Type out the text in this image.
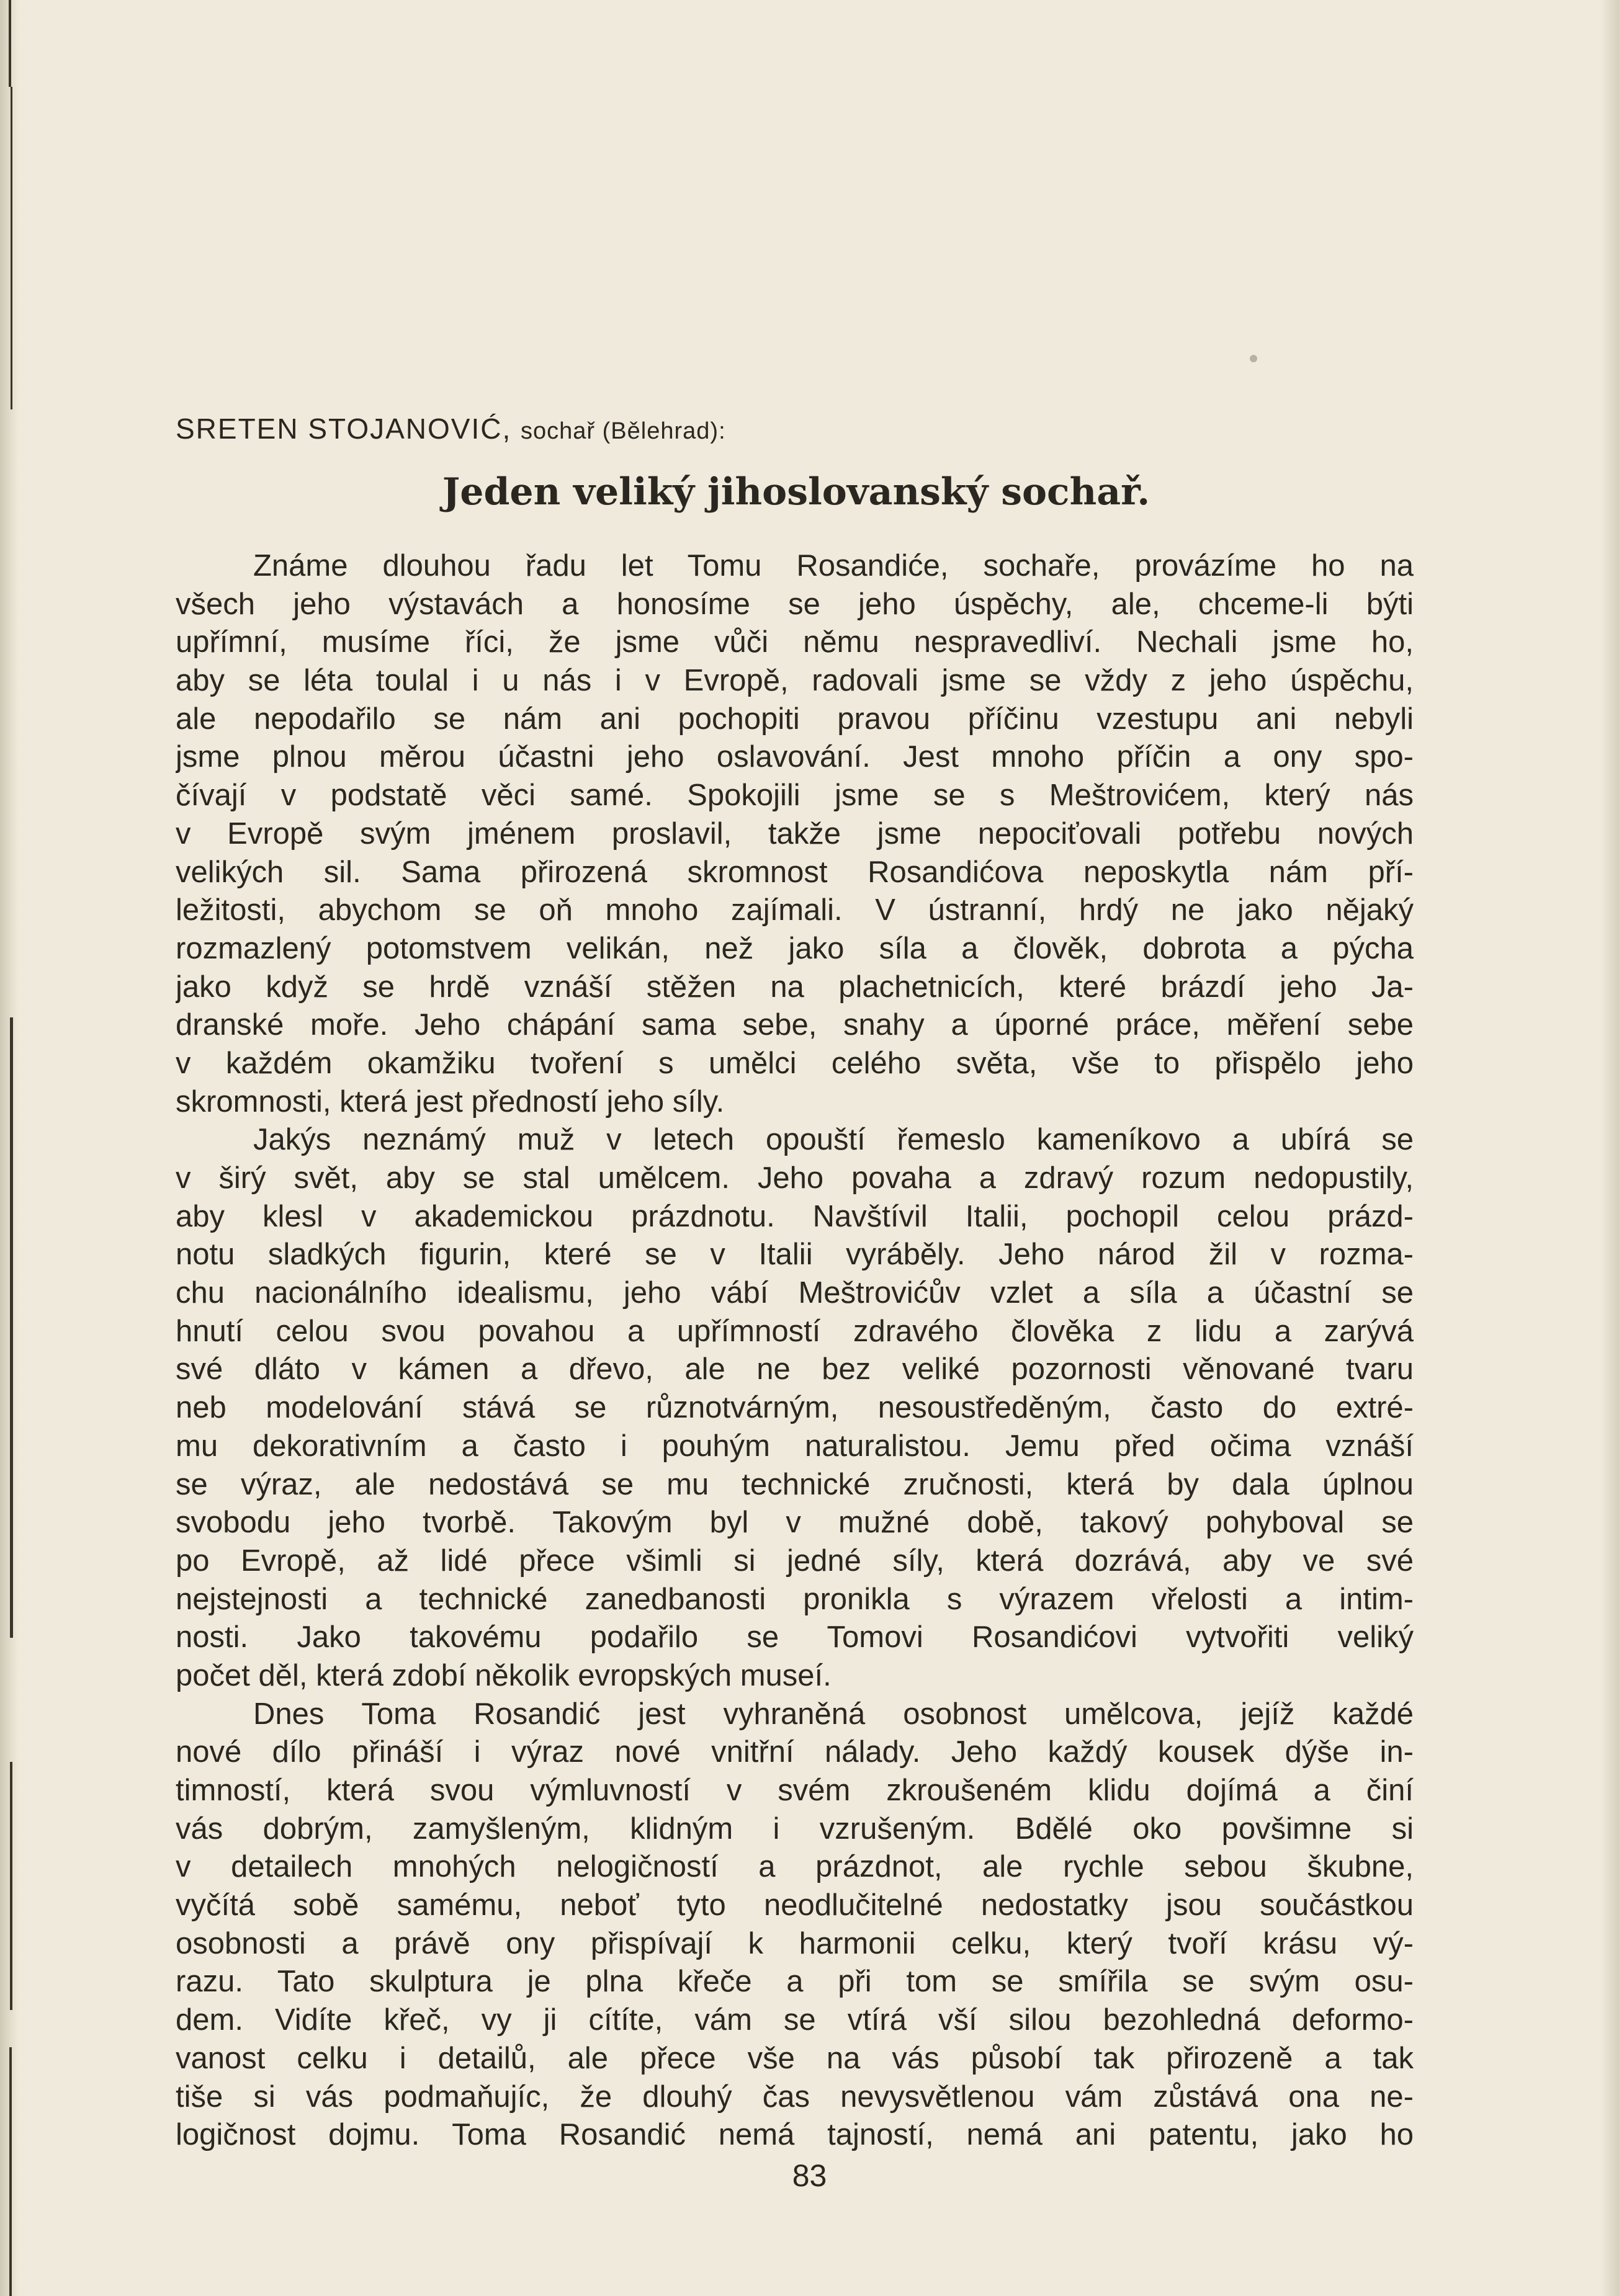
SRETEN STOJANOVIĆ, sochař (Bělehrad):
Jeden veliký jihoslovanský sochař.
Známe dlouhou řadu let Tomu Rosandiće, sochaře, provázíme ho na
všech jeho výstavách a honosíme se jeho úspěchy, ale, chceme-li býti
upřímní, musíme říci, že jsme vůči němu nespravedliví. Nechali jsme ho,
aby se léta toulal i u nás i v Evropě, radovali jsme se vždy z jeho úspěchu,
ale nepodařilo se nám ani pochopiti pravou příčinu vzestupu ani nebyli
jsme plnou měrou účastni jeho oslavování. Jest mnoho příčin a ony spo-
čívají v podstatě věci samé. Spokojili jsme se s Meštrovićem, který nás
v Evropě svým jménem proslavil, takže jsme nepociťovali potřebu nových
velikých sil. Sama přirozená skromnost Rosandićova neposkytla nám pří-
ležitosti, abychom se oň mnoho zajímali. V ústranní, hrdý ne jako nějaký
rozmazlený potomstvem velikán, než jako síla a člověk, dobrota a pýcha
jako když se hrdě vznáší stěžen na plachetnicích, které brázdí jeho Ja-
dranské moře. Jeho chápání sama sebe, snahy a úporné práce, měření sebe
v každém okamžiku tvoření s umělci celého světa, vše to přispělo jeho
skromnosti, která jest předností jeho síly.
Jakýs neznámý muž v letech opouští řemeslo kameníkovo a ubírá se
v širý svět, aby se stal umělcem. Jeho povaha a zdravý rozum nedopustily,
aby klesl v akademickou prázdnotu. Navštívil Italii, pochopil celou prázd-
notu sladkých figurin, které se v Italii vyráběly. Jeho národ žil v rozma-
chu nacionálního idealismu, jeho vábí Meštrovićův vzlet a síla a účastní se
hnutí celou svou povahou a upřímností zdravého člověka z lidu a zarývá
své dláto v kámen a dřevo, ale ne bez veliké pozornosti věnované tvaru
neb modelování stává se různotvárným, nesoustředěným, často do extré-
mu dekorativním a často i pouhým naturalistou. Jemu před očima vznáší
se výraz, ale nedostává se mu technické zručnosti, která by dala úplnou
svobodu jeho tvorbě. Takovým byl v mužné době, takový pohyboval se
po Evropě, až lidé přece všimli si jedné síly, která dozrává, aby ve své
nejstejnosti a technické zanedbanosti pronikla s výrazem vřelosti a intim-
nosti. Jako takovému podařilo se Tomovi Rosandićovi vytvořiti veliký
počet děl, která zdobí několik evropských museí.
Dnes Toma Rosandić jest vyhraněná osobnost umělcova, jejíž každé
nové dílo přináší i výraz nové vnitřní nálady. Jeho každý kousek dýše in-
timností, která svou výmluvností v svém zkroušeném klidu dojímá a činí
vás dobrým, zamyšleným, klidným i vzrušeným. Bdělé oko povšimne si
v detailech mnohých nelogičností a prázdnot, ale rychle sebou škubne,
vyčítá sobě samému, neboť tyto neodlučitelné nedostatky jsou součástkou
osobnosti a právě ony přispívají k harmonii celku, který tvoří krásu vý-
razu. Tato skulptura je plna křeče a při tom se smířila se svým osu-
dem. Vidíte křeč, vy ji cítíte, vám se vtírá vší silou bezohledná deformo-
vanost celku i detailů, ale přece vše na vás působí tak přirozeně a tak
tiše si vás podmaňujíc, že dlouhý čas nevysvětlenou vám zůstává ona ne-
logičnost dojmu. Toma Rosandić nemá tajností, nemá ani patentu, jako ho
83
